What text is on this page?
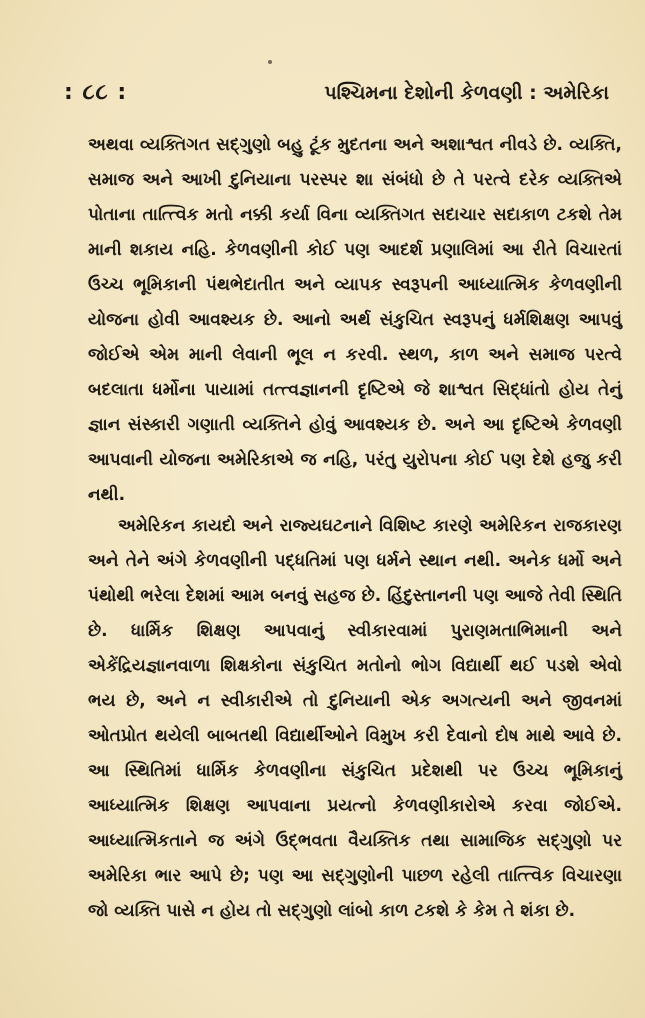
: ૮૮ :	પશ્ચિમના દેશોની કેળવણી : અમેરિકા

અથવા વ્યક્તિગત સદ્ગુણો બહુ ટૂંક મુદતના અને અશાશ્વત નીવડે છે. વ્યક્તિ, સમાજ અને આખી દુનિયાના પરસ્પર શા સંબંધો છે તે પરત્વે દરેક વ્યક્તિએ પોતાના તાત્ત્વિક મતો નક્કી કર્યા વિના વ્યક્તિગત સદાચાર સદાકાળ ટકશે તેમ માની શકાય નહિ. કેળવણીની કોઈ પણ આદર્શ પ્રણાલિમાં આ રીતે વિચારતાં ઉચ્ચ ભૂમિકાની પંથભેદાતીત અને વ્યાપક સ્વરૂપની આધ્યાત્મિક કેળવણીની યોજના હોવી આવશ્યક છે. આનો અર્થ સંકુચિત સ્વરૂપનું ધર્મશિક્ષણ આપવું જોઈએ એમ માની લેવાની ભૂલ ન કરવી. સ્થળ, કાળ અને સમાજ પરત્વે બદલાતા ધર્મોના પાયામાં તત્ત્વજ્ઞાનની દૃષ્ટિએ જે શાશ્વત સિદ્ધાંતો હોય તેનું જ્ઞાન સંસ્કારી ગણાતી વ્યક્તિને હોવું આવશ્યક છે. અને આ દૃષ્ટિએ કેળવણી આપવાની યોજના અમેરિકાએ જ નહિ, પરંતુ યુરોપના કોઈ પણ દેશે હજુ કરી નથી.

અમેરિકન કાયદો અને રાજ્યઘટનાને વિશિષ્ટ કારણે અમેરિકન રાજકારણ અને તેને અંગે કેળવણીની પદ્ધતિમાં પણ ધર્મને સ્થાન નથી. અનેક ધર્મો અને પંથોથી ભરેલા દેશમાં આમ બનવું સહજ છે. હિંદુસ્તાનની પણ આજે તેવી સ્થિતિ છે. ધાર્મિક શિક્ષણ આપવાનું સ્વીકારવામાં પુરાણમતાભિમાની અને એકેંદ્રિયજ્ઞાનવાળા શિક્ષકોના સંકુચિત મતોનો ભોગ વિદ્યાર્થી થઈ પડશે એવો ભય છે, અને ન સ્વીકારીએ તો દુનિયાની એક અગત્યની અને જીવનમાં ઓતપ્રોત થયેલી બાબતથી વિદ્યાર્થીઓને વિમુખ કરી દેવાનો દોષ માથે આવે છે. આ સ્થિતિમાં ધાર્મિક કેળવણીના સંકુચિત પ્રદેશથી પર ઉચ્ચ ભૂમિકાનું આધ્યાત્મિક શિક્ષણ આપવાના પ્રયત્નો કેળવણીકારોએ કરવા જોઈએ. આધ્યાત્મિકતાને જ અંગે ઉદ્ભવતા વૈયક્તિક તથા સામાજિક સદ્ગુણો પર અમેરિકા ભાર આપે છે; પણ આ સદ્ગુણોની પાછળ રહેલી તાત્ત્વિક વિચારણા જો વ્યક્તિ પાસે ન હોય તો સદ્ગુણો લાંબો કાળ ટકશે કે કેમ તે શંકા છે.
